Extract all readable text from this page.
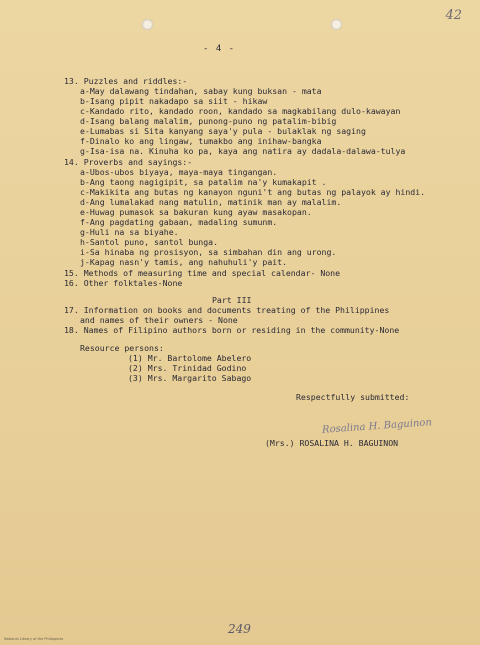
42
- 4 -
13. Puzzles and riddles:-
a-May dalawang tindahan, sabay kung buksan - mata
b-Isang pipit nakadapo sa siit - hikaw
c-Kandado rito, kandado roon, kandado sa magkabilang dulo-kawayan
d-Isang balang malalim, punong-puno ng patalim-bibig
e-Lumabas si Sita kanyang saya'y pula - bulaklak ng saging
f-Dinalo ko ang lingaw, tumakbo ang inihaw-bangka
g-Isa-isa na. Kinuha ko pa, kaya ang natira ay dadala-dalawa-tulya
14. Proverbs and sayings:-
a-Ubos-ubos biyaya, maya-maya tingangan.
b-Ang taong nagigipit, sa patalim na'y kumakapit .
c-Makikita ang butas ng kanayon nguni't ang butas ng palayok ay hindi.
d-Ang lumalakad nang matulin, matinik man ay malalim.
e-Huwag pumasok sa bakuran kung ayaw masakopan.
f-Ang pagdating gabaan, madaling sumunm.
g-Huli na sa biyahe.
h-Santol puno, santol bunga.
i-Sa hinaba ng prosisyon, sa simbahan din ang urong.
j-Kapag nasn'y tamis, ang nahuhuli'y pait.
15. Methods of measuring time and special calendar- None
16. Other folktales-None
Part III
17. Information on books and documents treating of the Philippines
and names of their owners - None
18. Names of Filipino authors born or residing in the community-None
Resource persons:
(1) Mr. Bartolome Abelero
(2) Mrs. Trinidad Godino
(3) Mrs. Margarito Sabago
Respectfully submitted:
Rosalina H. Baguinon
(Mrs.) ROSALINA H. BAGUINON
249
National Library of the Philippines
